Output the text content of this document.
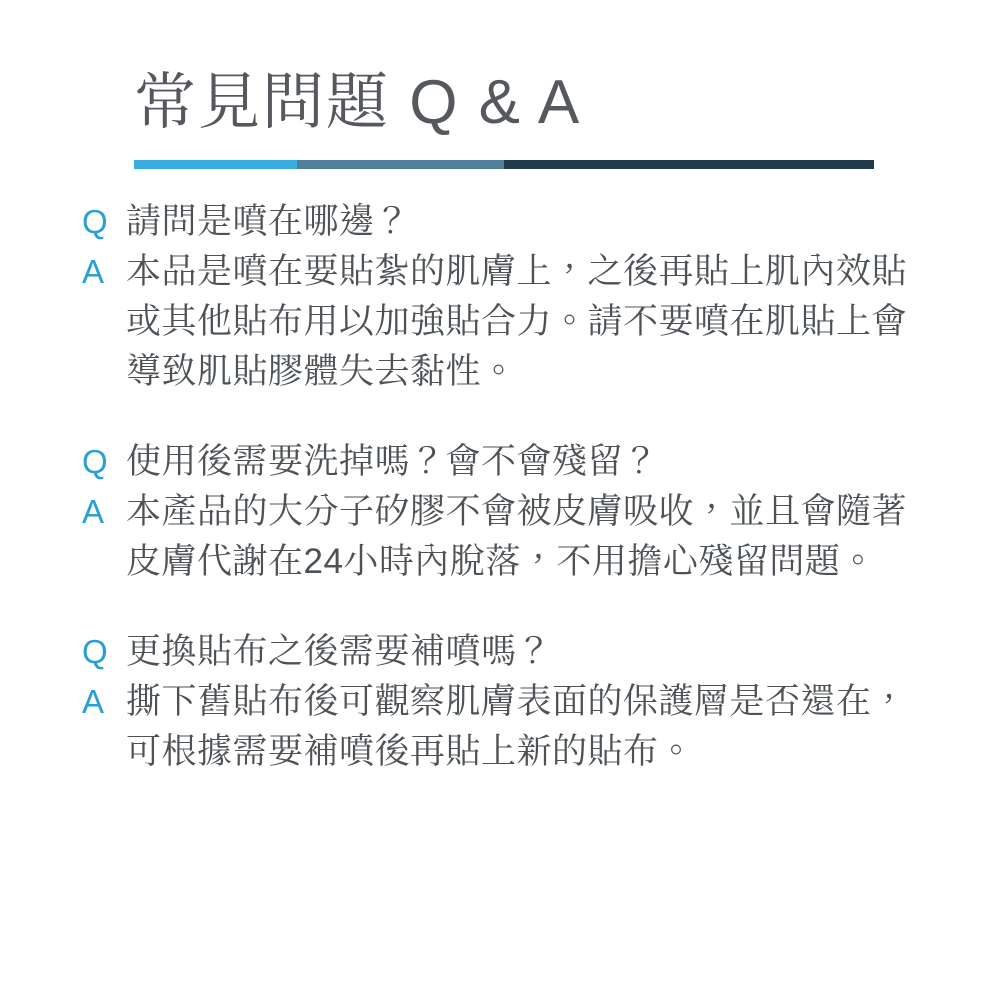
常見問題 Q & A
Q 請問是噴在哪邊？
A 本品是噴在要貼紮的肌膚上，之後再貼上肌內效貼或其他貼布用以加強貼合力。請不要噴在肌貼上會導致肌貼膠體失去黏性。
Q 使用後需要洗掉嗎？會不會殘留？
A 本產品的大分子矽膠不會被皮膚吸收，並且會隨著皮膚代謝在24小時內脫落，不用擔心殘留問題。
Q 更換貼布之後需要補噴嗎？
A 撕下舊貼布後可觀察肌膚表面的保護層是否還在，可根據需要補噴後再貼上新的貼布。
